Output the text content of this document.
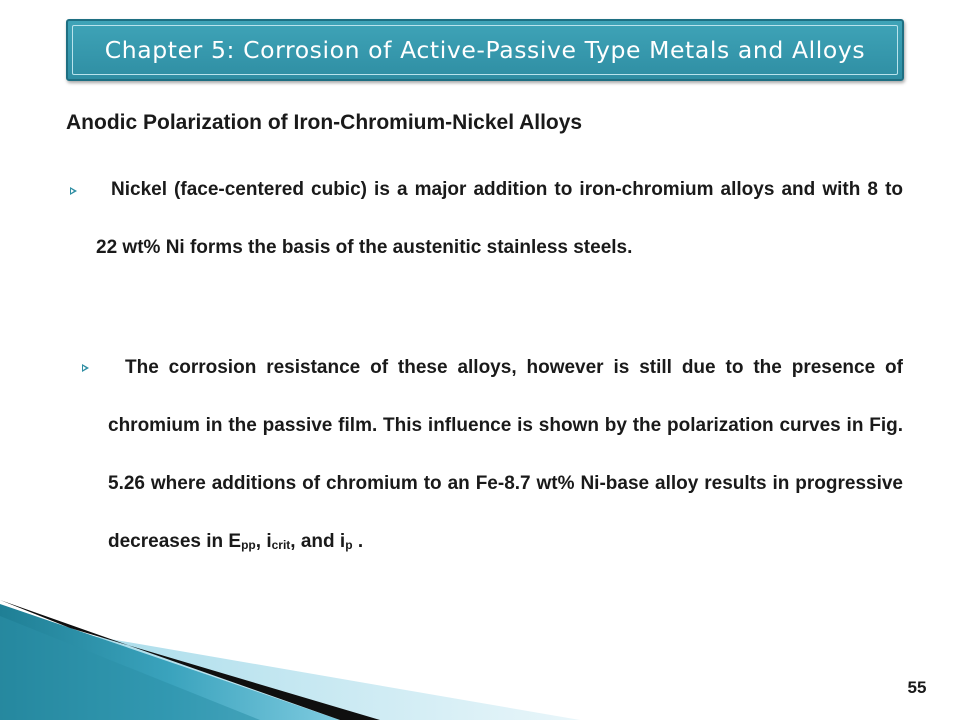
Chapter 5: Corrosion of Active-Passive Type Metals and Alloys
Anodic Polarization of Iron-Chromium-Nickel Alloys

Nickel (face-centered cubic) is a major addition to iron-chromium alloys and with 8 to 22 wt% Ni forms the basis of the austenitic stainless steels.

The corrosion resistance of these alloys, however is still due to the presence of chromium in the passive film. This influence is shown by the polarization curves in Fig. 5.26 where additions of chromium to an Fe-8.7 wt% Ni-base alloy results in progressive decreases in $E_{pp}$, $i_{crit}$, and $i_p$ .

55
